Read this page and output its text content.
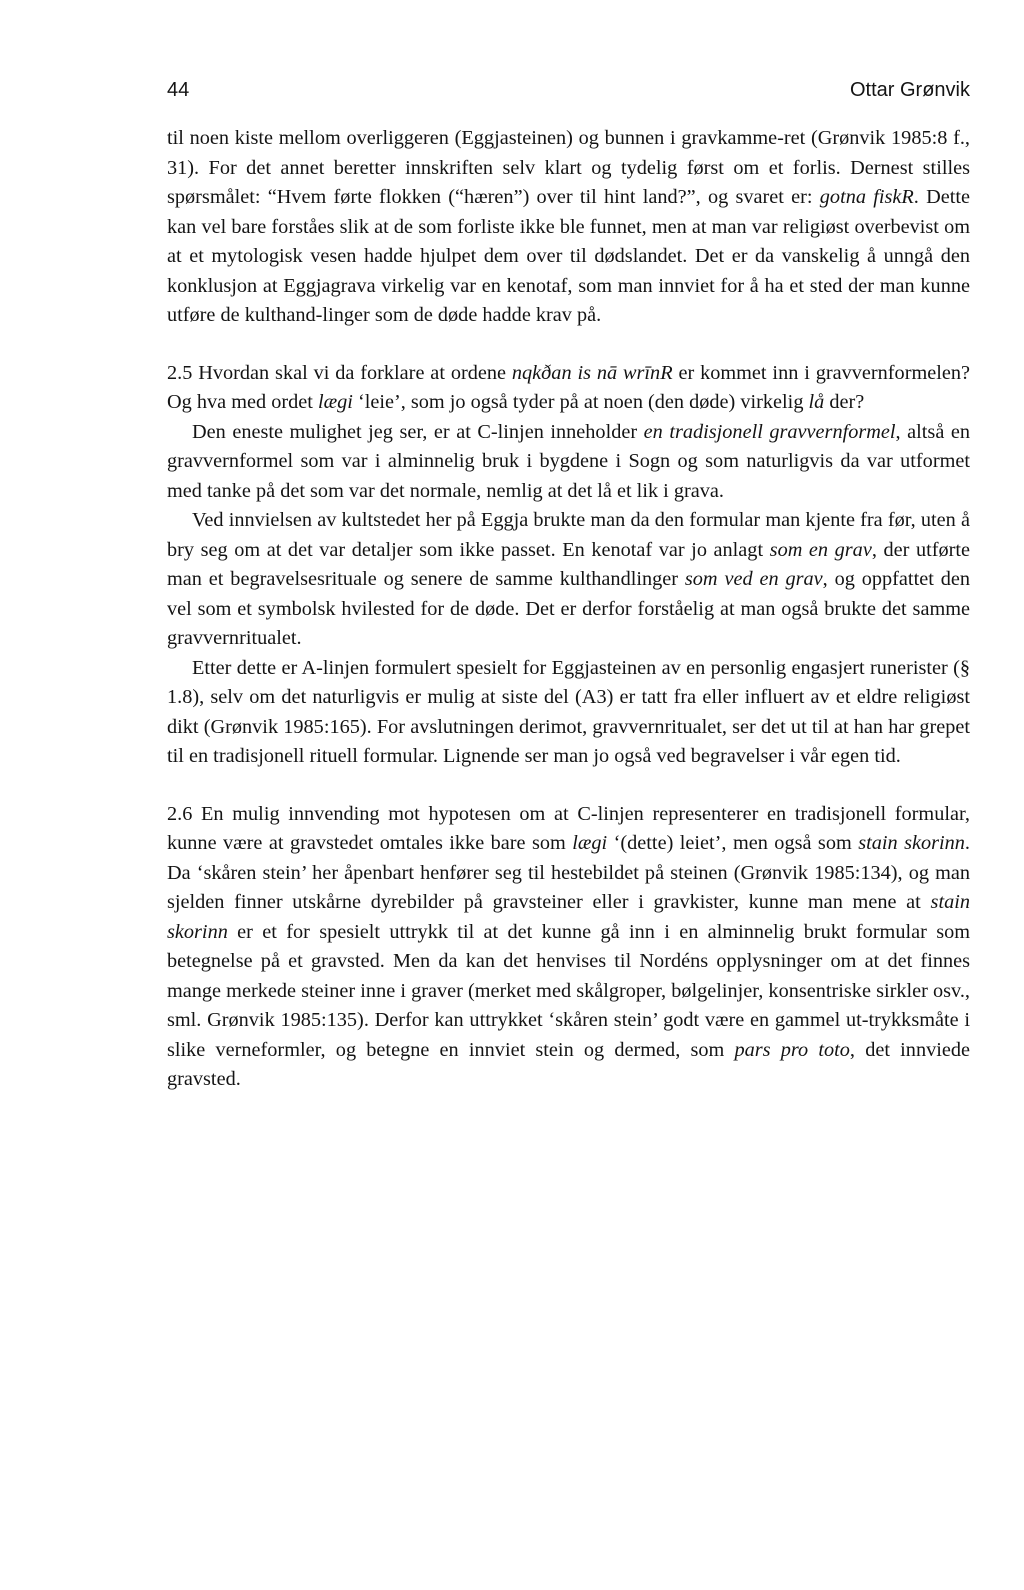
44	Ottar Grønvik

til noen kiste mellom overliggeren (Eggjasteinen) og bunnen i gravkamme-ret (Grønvik 1985:8 f., 31). For det annet beretter innskriften selv klart og tydelig først om et forlis. Dernest stilles spørsmålet: “Hvem førte flokken (“hæren”) over til hint land?”, og svaret er: gotna fiskR. Dette kan vel bare forståes slik at de som forliste ikke ble funnet, men at man var religiøst overbevist om at et mytologisk vesen hadde hjulpet dem over til dødslandet. Det er da vanskelig å unngå den konklusjon at Eggjagrava virkelig var en kenotaf, som man innviet for å ha et sted der man kunne utføre de kulthand-linger som de døde hadde krav på.

2.5 Hvordan skal vi da forklare at ordene nqkðan is nā wrīnR er kommet inn i gravvernformelen? Og hva med ordet lægi ‘leie’, som jo også tyder på at noen (den døde) virkelig lå der?

Den eneste mulighet jeg ser, er at C-linjen inneholder en tradisjonell gravvernformel, altså en gravvernformel som var i alminnelig bruk i bygdene i Sogn og som naturligvis da var utformet med tanke på det som var det normale, nemlig at det lå et lik i grava.

Ved innvielsen av kultstedet her på Eggja brukte man da den formular man kjente fra før, uten å bry seg om at det var detaljer som ikke passet. En kenotaf var jo anlagt som en grav, der utførte man et begravelsesrituale og senere de samme kulthandlinger som ved en grav, og oppfattet den vel som et symbolsk hvilested for de døde. Det er derfor forståelig at man også brukte det samme gravvernritualet.

Etter dette er A-linjen formulert spesielt for Eggjasteinen av en personlig engasjert runerister (§ 1.8), selv om det naturligvis er mulig at siste del (A3) er tatt fra eller influert av et eldre religiøst dikt (Grønvik 1985:165). For avslutningen derimot, gravvernritualet, ser det ut til at han har grepet til en tradisjonell rituell formular. Lignende ser man jo også ved begravelser i vår egen tid.

2.6 En mulig innvending mot hypotesen om at C-linjen representerer en tradisjonell formular, kunne være at gravstedet omtales ikke bare som lægi ‘(dette) leiet’, men også som stain skorinn. Da ‘skåren stein’ her åpenbart henfører seg til hestebildet på steinen (Grønvik 1985:134), og man sjelden finner utskårne dyrebilder på gravsteiner eller i gravkister, kunne man mene at stain skorinn er et for spesielt uttrykk til at det kunne gå inn i en alminnelig brukt formular som betegnelse på et gravsted. Men da kan det henvises til Nordéns opplysninger om at det finnes mange merkede steiner inne i graver (merket med skålgroper, bølgelinjer, konsentriske sirkler osv., sml. Grønvik 1985:135). Derfor kan uttrykket ‘skåren stein’ godt være en gammel ut-trykksmåte i slike verneformler, og betegne en innviet stein og dermed, som pars pro toto, det innviede gravsted.
